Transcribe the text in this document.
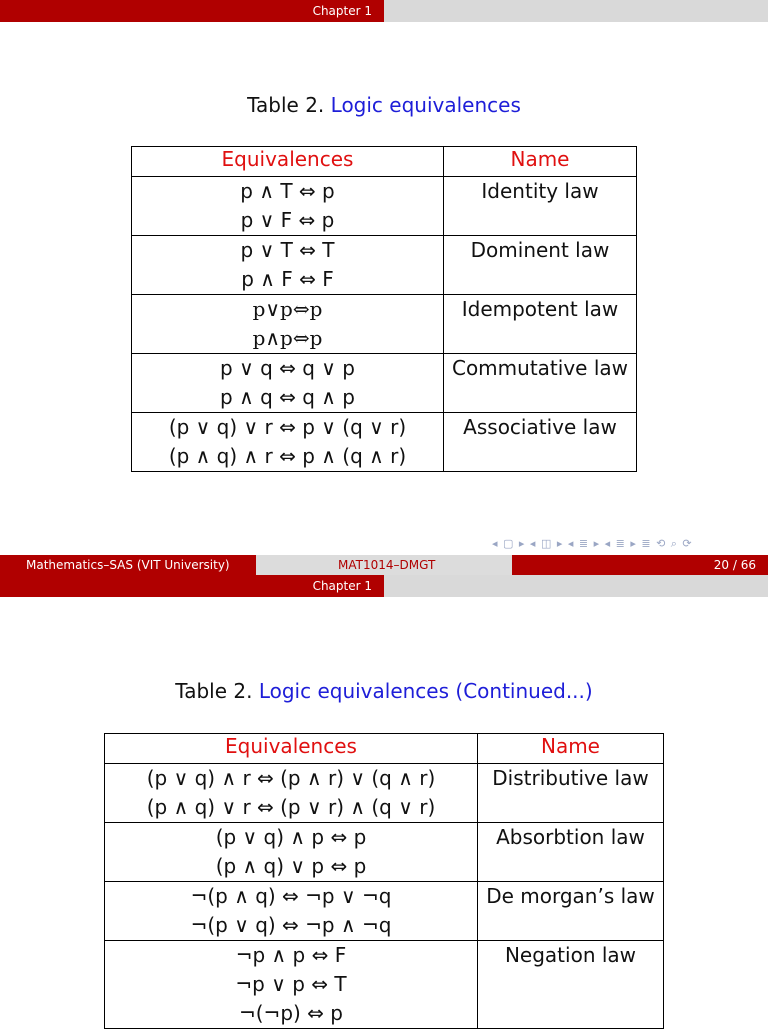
Chapter 1
Table 2. Logic equivalences
Equivalences	Name

p ∧ T ⇔ p
p ∨ F ⇔ p	Identity law

p ∨ T ⇔ T
p ∧ F ⇔ F	Dominent law

p∨p⇔p
p∧p⇔p	Idempotent law

p ∨ q ⇔ q ∨ p
p ∧ q ⇔ q ∧ p	Commutative law

(p ∨ q) ∨ r ⇔ p ∨ (q ∨ r)
(p ∧ q) ∧ r ⇔ p ∧ (q ∧ r)	Associative law
◂ ▢ ▸ ◂ ◫ ▸ ◂ ≣ ▸ ◂ ≣ ▸ ≣ ⟲ ⌕ ⟳
Mathematics–SAS (VIT University)	MAT1014–DMGT	20 / 66
Chapter 1
Table 2. Logic equivalences (Continued...)
Equivalences	Name

(p ∨ q) ∧ r ⇔ (p ∧ r) ∨ (q ∧ r)
(p ∧ q) ∨ r ⇔ (p ∨ r) ∧ (q ∨ r)	Distributive law

(p ∨ q) ∧ p ⇔ p
(p ∧ q) ∨ p ⇔ p	Absorbtion law

¬(p ∧ q) ⇔ ¬p ∨ ¬q
¬(p ∨ q) ⇔ ¬p ∧ ¬q	De morgan’s law

¬p ∧ p ⇔ F
¬p ∨ p ⇔ T
¬(¬p) ⇔ p	Negation law
